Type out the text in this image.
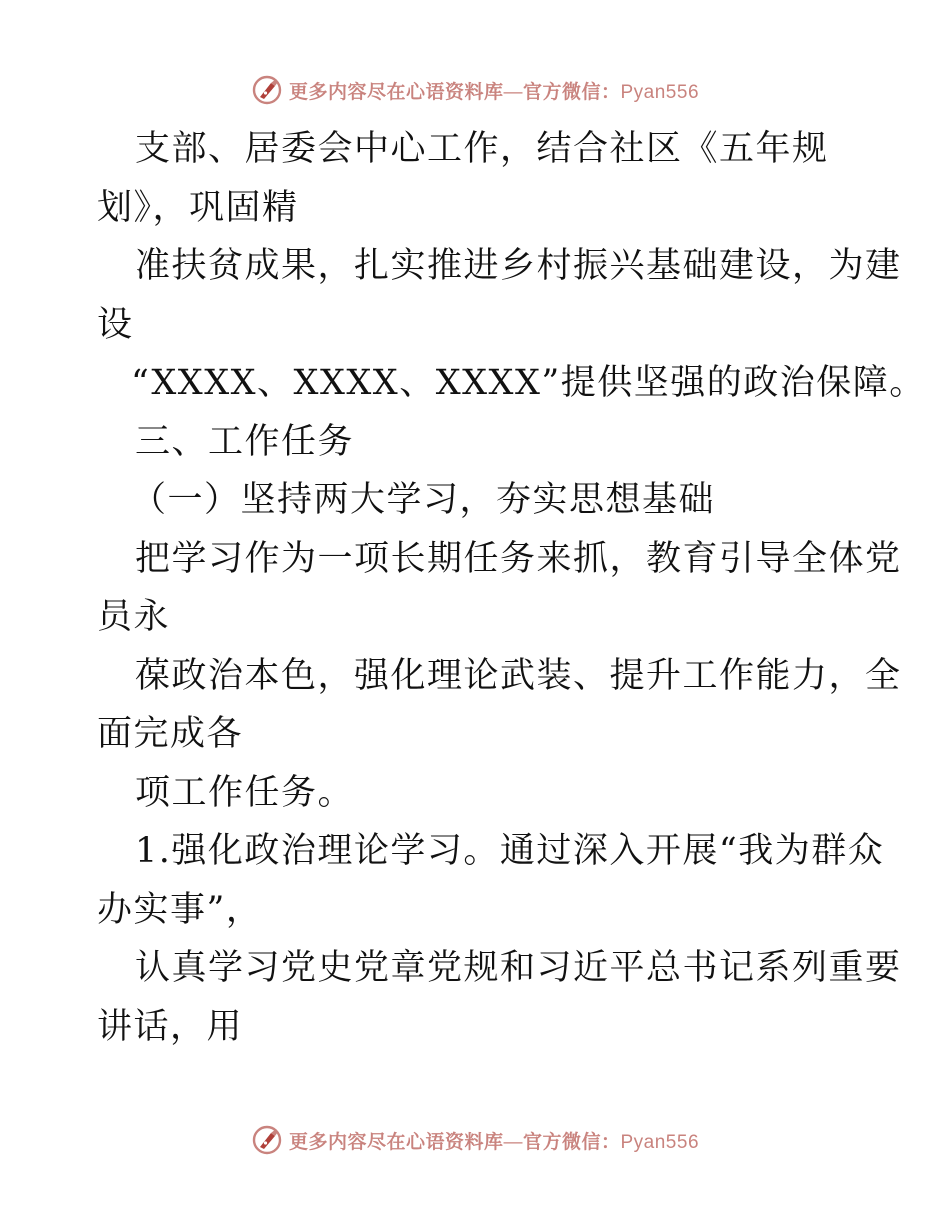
更多内容尽在心语资料库—官方微信：Pyan556
支部、居委会中心工作，结合社区《五年规
划》，巩固精
准扶贫成果，扎实推进乡村振兴基础建设，为建
设
“XXXX、XXXX、XXXX”提供坚强的政治保障。
三、工作任务
（一）坚持两大学习，夯实思想基础
把学习作为一项长期任务来抓，教育引导全体党
员永
葆政治本色，强化理论武装、提升工作能力，全
面完成各
项工作任务。
1.强化政治理论学习。通过深入开展“我为群众
办实事”，
认真学习党史党章党规和习近平总书记系列重要
讲话，用
更多内容尽在心语资料库—官方微信：Pyan556
